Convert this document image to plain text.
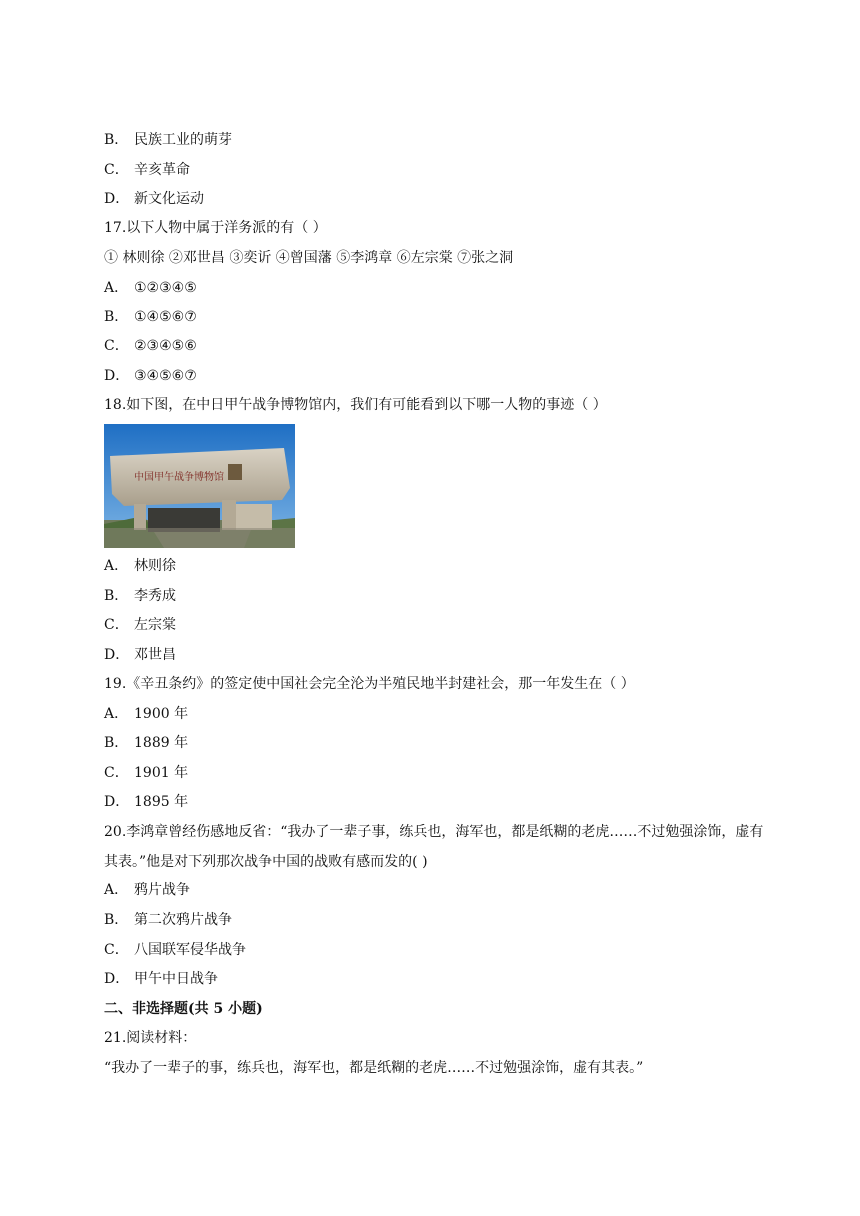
B． 民族工业的萌芽
C． 辛亥革命
D． 新文化运动
17.以下人物中属于洋务派的有（ ）
① 林则徐 ②邓世昌 ③奕䜣 ④曾国藩 ⑤李鸿章 ⑥左宗棠 ⑦张之洞
A． ①②③④⑤
B． ①④⑤⑥⑦
C． ②③④⑤⑥
D． ③④⑤⑥⑦
18.如下图，在中日甲午战争博物馆内，我们有可能看到以下哪一人物的事迹（ ）
中国甲午战争博物馆
A． 林则徐
B． 李秀成
C． 左宗棠
D． 邓世昌
19.《辛丑条约》的签定使中国社会完全沦为半殖民地半封建社会，那一年发生在（ ）
A． 1900 年
B． 1889 年
C． 1901 年
D． 1895 年
20.李鸿章曾经伤感地反省：“我办了一辈子事，练兵也，海军也，都是纸糊的老虎……不过勉强涂饰，虚有其表。”他是对下列那次战争中国的战败有感而发的( )
A． 鸦片战争
B． 第二次鸦片战争
C． 八国联军侵华战争
D． 甲午中日战争
二、非选择题(共 5 小题)
21.阅读材料：
“我办了一辈子的事，练兵也，海军也，都是纸糊的老虎……不过勉强涂饰，虚有其表。”
